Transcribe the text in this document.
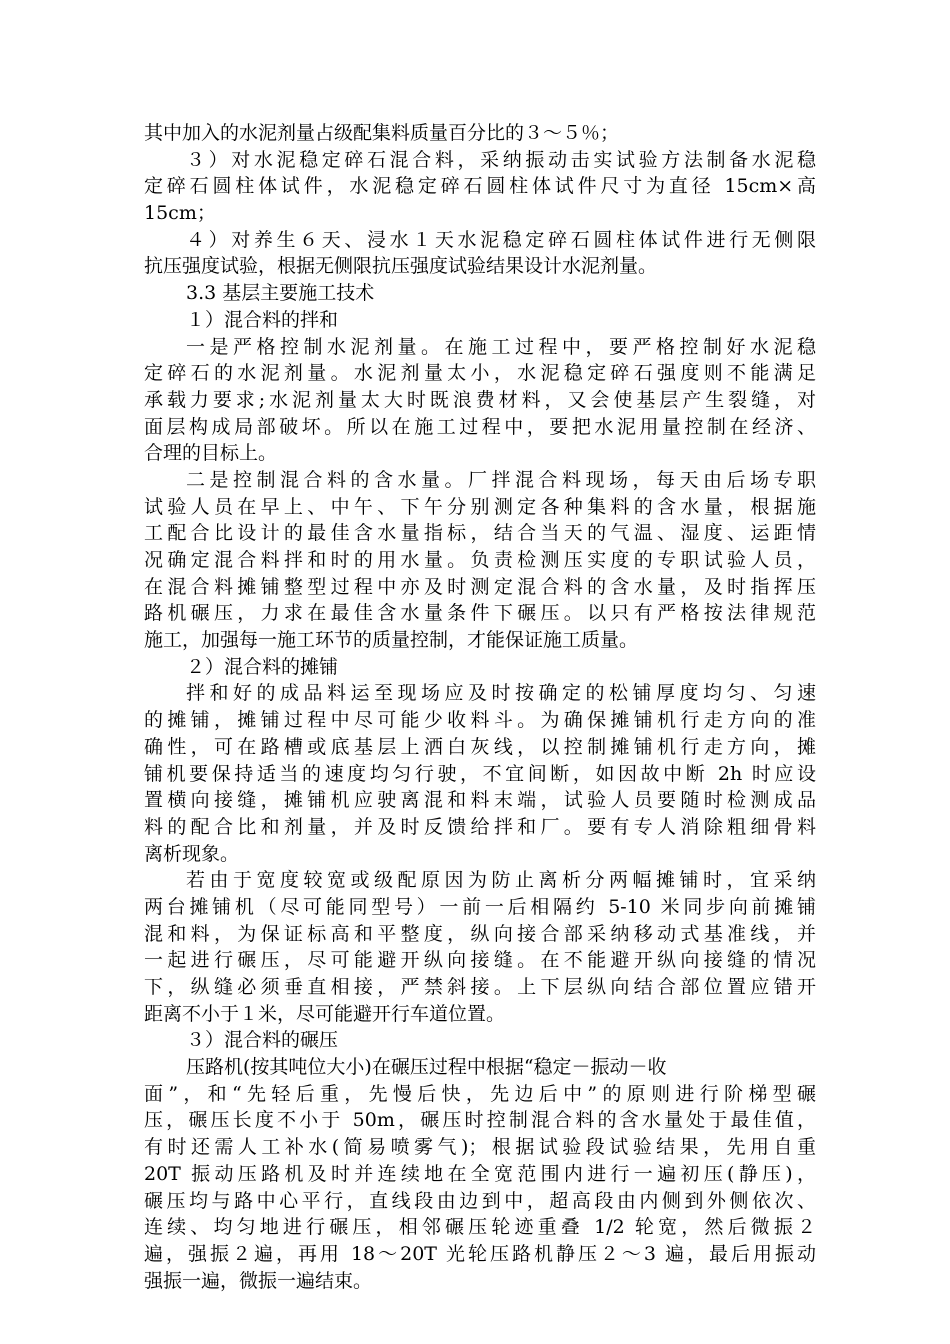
其中加入的水泥剂量占级配集料质量百分比的３～５％；
３）对水泥稳定碎石混合料，采纳振动击实试验方法制备水泥稳
定碎石圆柱体试件，水泥稳定碎石圆柱体试件尺寸为直径 15cm×高
15cm；
４）对养生６天、浸水１天水泥稳定碎石圆柱体试件进行无侧限
抗压强度试验，根据无侧限抗压强度试验结果设计水泥剂量。
3.3 基层主要施工技术
１）混合料的拌和
一是严格控制水泥剂量。在施工过程中，要严格控制好水泥稳
定碎石的水泥剂量。水泥剂量太小，水泥稳定碎石强度则不能满足
承载力要求;水泥剂量太大时既浪费材料，又会使基层产生裂缝，对
面层构成局部破坏。所以在施工过程中，要把水泥用量控制在经济、
合理的目标上。
二是控制混合料的含水量。厂拌混合料现场，每天由后场专职
试验人员在早上、中午、下午分别测定各种集料的含水量，根据施
工配合比设计的最佳含水量指标，结合当天的气温、湿度、运距情
况确定混合料拌和时的用水量。负责检测压实度的专职试验人员，
在混合料摊铺整型过程中亦及时测定混合料的含水量，及时指挥压
路机碾压，力求在最佳含水量条件下碾压。以只有严格按法律规范
施工，加强每一施工环节的质量控制，才能保证施工质量。
２）混合料的摊铺
拌和好的成品料运至现场应及时按确定的松铺厚度均匀、匀速
的摊铺，摊铺过程中尽可能少收料斗。为确保摊铺机行走方向的准
确性，可在路槽或底基层上洒白灰线，以控制摊铺机行走方向，摊
铺机要保持适当的速度均匀行驶，不宜间断，如因故中断 2h 时应设
置横向接缝，摊铺机应驶离混和料末端，试验人员要随时检测成品
料的配合比和剂量，并及时反馈给拌和厂。要有专人消除粗细骨料
离析现象。
若由于宽度较宽或级配原因为防止离析分两幅摊铺时，宜采纳
两台摊铺机（尽可能同型号）一前一后相隔约 5-10 米同步向前摊铺
混和料，为保证标高和平整度，纵向接合部采纳移动式基准线，并
一起进行碾压，尽可能避开纵向接缝。在不能避开纵向接缝的情况
下，纵缝必须垂直相接，严禁斜接。上下层纵向结合部位置应错开
距离不小于１米，尽可能避开行车道位置。
３）混合料的碾压
压路机(按其吨位大小)在碾压过程中根据“稳定－振动－收
面”，和“先轻后重，先慢后快，先边后中”的原则进行阶梯型碾
压，碾压长度不小于 50m，碾压时控制混合料的含水量处于最佳值，
有时还需人工补水(简易喷雾气)；根据试验段试验结果，先用自重
20T 振动压路机及时并连续地在全宽范围内进行一遍初压(静压)，
碾压均与路中心平行，直线段由边到中，超高段由内侧到外侧依次、
连续、均匀地进行碾压，相邻碾压轮迹重叠 1/2 轮宽，然后微振２
遍，强振２遍，再用 18～20T 光轮压路机静压２～3 遍，最后用振动
强振一遍，微振一遍结束。
